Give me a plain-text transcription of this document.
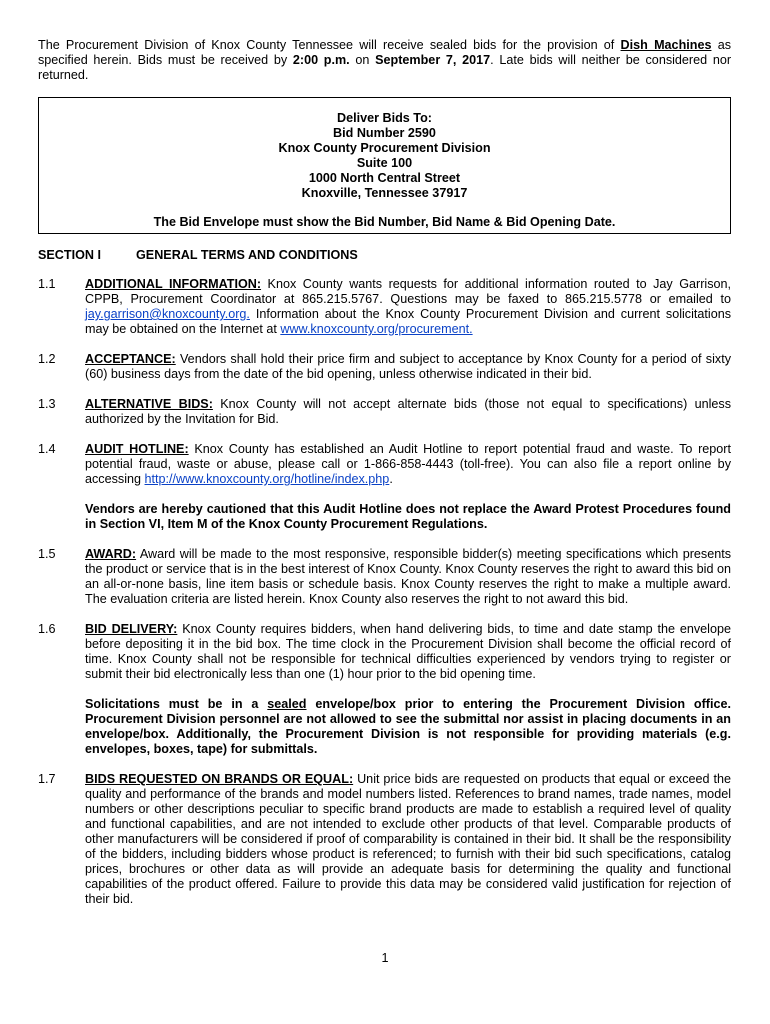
The Procurement Division of Knox County Tennessee will receive sealed bids for the provision of Dish Machines as specified herein. Bids must be received by 2:00 p.m. on September 7, 2017. Late bids will neither be considered nor returned.

Deliver Bids To:
Bid Number 2590
Knox County Procurement Division
Suite 100
1000 North Central Street
Knoxville, Tennessee 37917
The Bid Envelope must show the Bid Number, Bid Name & Bid Opening Date.
SECTION I	GENERAL TERMS AND CONDITIONS
1.1	ADDITIONAL INFORMATION: Knox County wants requests for additional information routed to Jay Garrison, CPPB, Procurement Coordinator at 865.215.5767. Questions may be faxed to 865.215.5778 or emailed to jay.garrison@knoxcounty.org. Information about the Knox County Procurement Division and current solicitations may be obtained on the Internet at www.knoxcounty.org/procurement.
1.2	ACCEPTANCE: Vendors shall hold their price firm and subject to acceptance by Knox County for a period of sixty (60) business days from the date of the bid opening, unless otherwise indicated in their bid.
1.3	ALTERNATIVE BIDS: Knox County will not accept alternate bids (those not equal to specifications) unless authorized by the Invitation for Bid.
1.4	AUDIT HOTLINE: Knox County has established an Audit Hotline to report potential fraud and waste. To report potential fraud, waste or abuse, please call or 1-866-858-4443 (toll-free). You can also file a report online by accessing http://www.knoxcounty.org/hotline/index.php.

Vendors are hereby cautioned that this Audit Hotline does not replace the Award Protest Procedures found in Section VI, Item M of the Knox County Procurement Regulations.

1.5	AWARD: Award will be made to the most responsive, responsible bidder(s) meeting specifications which presents the product or service that is in the best interest of Knox County. Knox County reserves the right to award this bid on an all-or-none basis, line item basis or schedule basis. Knox County reserves the right to make a multiple award. The evaluation criteria are listed herein. Knox County also reserves the right to not award this bid.
1.6	BID DELIVERY: Knox County requires bidders, when hand delivering bids, to time and date stamp the envelope before depositing it in the bid box. The time clock in the Procurement Division shall become the official record of time. Knox County shall not be responsible for technical difficulties experienced by vendors trying to register or submit their bid electronically less than one (1) hour prior to the bid opening time.

Solicitations must be in a sealed envelope/box prior to entering the Procurement Division office. Procurement Division personnel are not allowed to see the submittal nor assist in placing documents in an envelope/box. Additionally, the Procurement Division is not responsible for providing materials (e.g. envelopes, boxes, tape) for submittals.

1.7	BIDS REQUESTED ON BRANDS OR EQUAL: Unit price bids are requested on products that equal or exceed the quality and performance of the brands and model numbers listed. References to brand names, trade names, model numbers or other descriptions peculiar to specific brand products are made to establish a required level of quality and functional capabilities, and are not intended to exclude other products of that level. Comparable products of other manufacturers will be considered if proof of comparability is contained in their bid. It shall be the responsibility of the bidders, including bidders whose product is referenced; to furnish with their bid such specifications, catalog prices, brochures or other data as will provide an adequate basis for determining the quality and functional capabilities of the product offered. Failure to provide this data may be considered valid justification for rejection of their bid.
1
